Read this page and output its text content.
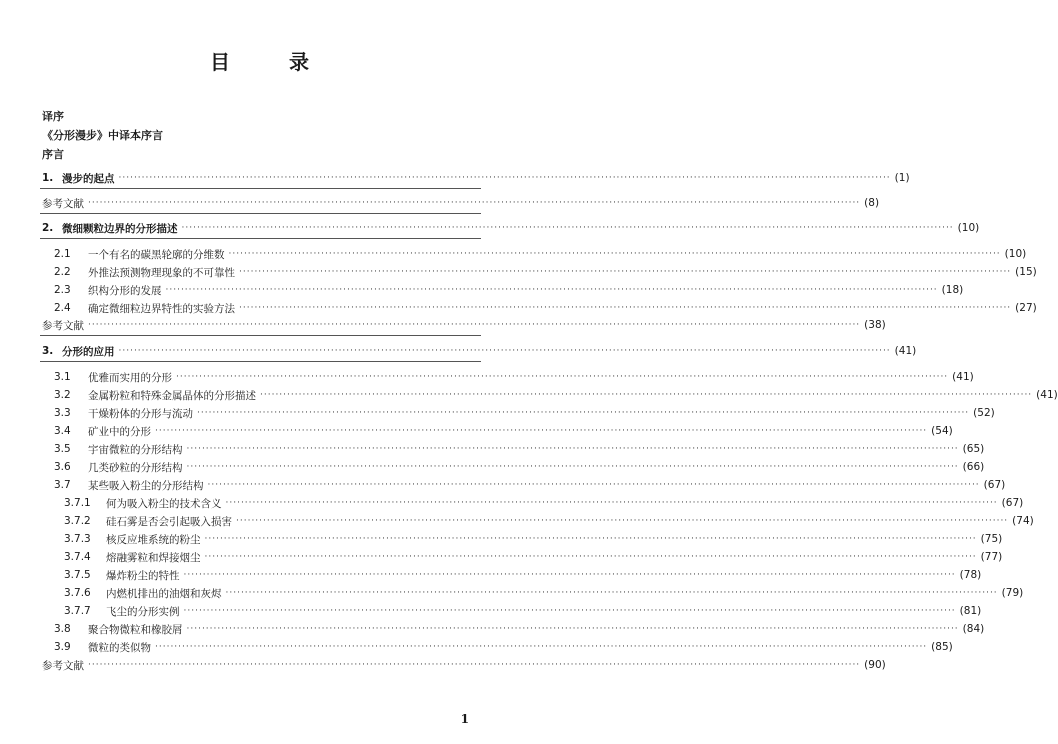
目 录
译序
《分形漫步》中译本序言
序言
1. 漫步的起点 ········································································································································································································ (1)
参考文献 ········································································································································································································ (8)
2. 微细颗粒边界的分形描述 ········································································································································································································ (10)
2.1	一个有名的碳黑轮廓的分维数 ········································································································································································································ (10)
2.2	外推法预测物理现象的不可靠性 ········································································································································································································ (15)
2.3	织构分形的发展 ········································································································································································································ (18)
2.4	确定微细粒边界特性的实验方法 ········································································································································································································ (27)
参考文献 ········································································································································································································ (38)
3. 分形的应用 ········································································································································································································ (41)
3.1	优雅而实用的分形 ········································································································································································································ (41)
3.2	金属粉粒和特殊金属晶体的分形描述 ········································································································································································································ (41)
3.3	干燥粉体的分形与流动 ········································································································································································································ (52)
3.4	矿业中的分形 ········································································································································································································ (54)
3.5	宇宙微粒的分形结构 ········································································································································································································ (65)
3.6	几类砂粒的分形结构 ········································································································································································································ (66)
3.7	某些吸入粉尘的分形结构 ········································································································································································································ (67)
3.7.1	何为吸入粉尘的技术含义 ········································································································································································································ (67)
3.7.2	硅石雾是否会引起吸入损害 ········································································································································································································ (74)
3.7.3	核反应堆系统的粉尘 ········································································································································································································ (75)
3.7.4	熔融雾粒和焊接烟尘 ········································································································································································································ (77)
3.7.5	爆炸粉尘的特性 ········································································································································································································ (78)
3.7.6	内燃机排出的油烟和灰烬 ········································································································································································································ (79)
3.7.7	飞尘的分形实例 ········································································································································································································ (81)
3.8	聚合物微粒和橡胶屑 ········································································································································································································ (84)
3.9	微粒的类似物 ········································································································································································································ (85)
参考文献 ········································································································································································································ (90)
1
